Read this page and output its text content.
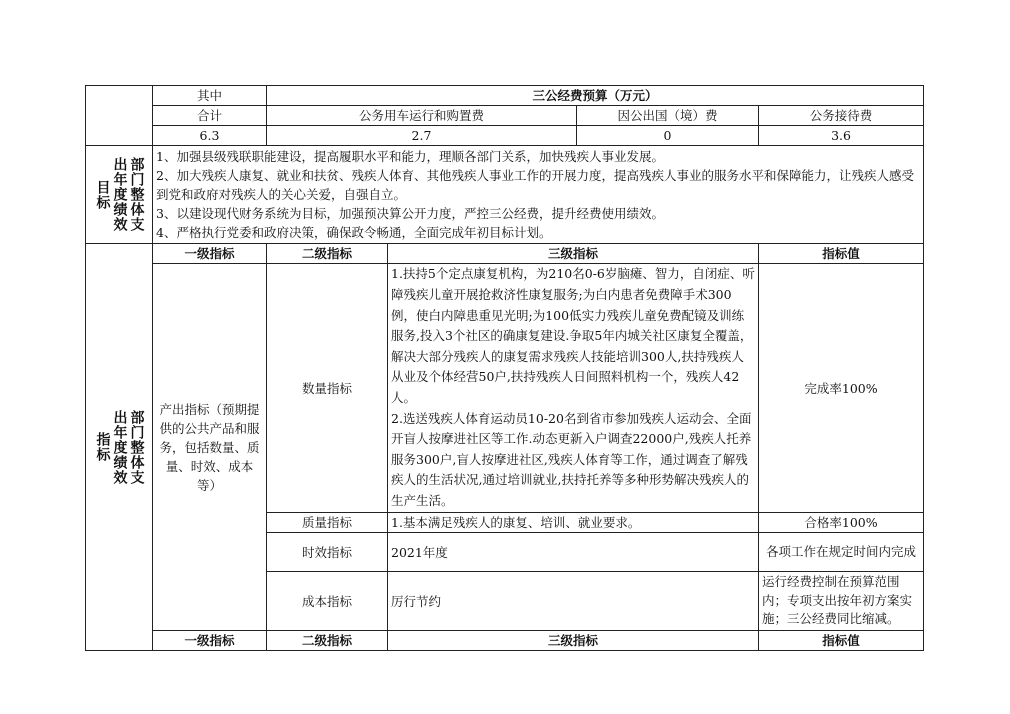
	其中	三公经费预算（万元）			
	合计	公务用车运行和购置费		因公出国（境）费	公务接待费
	6.3	2.7		0	3.6

部门整体支出年度绩效目标	1、加强县级残联职能建设，提高履职水平和能力，理顺各部门关系，加快残疾人事业发展。

2、加大残疾人康复、就业和扶贫、残疾人体育、其他残疾人事业工作的开展力度，提高残疾人事业的服务水平和保障能力，让残疾人感受到党和政府对残疾人的关心关爱，自强自立。

3、以建设现代财务系统为目标，加强预决算公开力度，严控三公经费，提升经费使用绩效。

4、严格执行党委和政府决策，确保政令畅通，全面完成年初目标计划。				

部门整体支出年度绩效指标	一级指标	二级指标	三级指标		指标值
	产出指标（预期提供的公共产品和服务，包括数量、质量、时效、成本等）	数量指标	1.扶持5个定点康复机构，为210名0-6岁脑瘫、智力，自闭症、听障残疾儿童开展抢救济性康复服务;为白内患者免费障手术300例，使白内障患重见光明;为100低实力残疾儿童免费配镜及训练服务,投入3个社区的确康复建设.争取5年内城关社区康复全覆盖，解决大部分残疾人的康复需求残疾人技能培训300人,扶持残疾人从业及个体经营50户,扶持残疾人日间照料机构一个，残疾人42人。

2.选送残疾人体育运动员10-20名到省市参加残疾人运动会、全面开盲人按摩进社区等工作.动态更新入户调查22000户,残疾人托养服务300户,盲人按摩进社区,残疾人体育等工作，通过调查了解残疾人的生活状况,通过培训就业,扶持托养等多种形势解决残疾人的生产生活。		完成率100%
		质量指标	1.基本满足残疾人的康复、培训、就业要求。		合格率100%
		时效指标	2021年度		各项工作在规定时间内完成
		成本指标	厉行节约		运行经费控制在预算范围内；专项支出按年初方案实施；三公经费同比缩减。
	一级指标	二级指标	三级指标		指标值
